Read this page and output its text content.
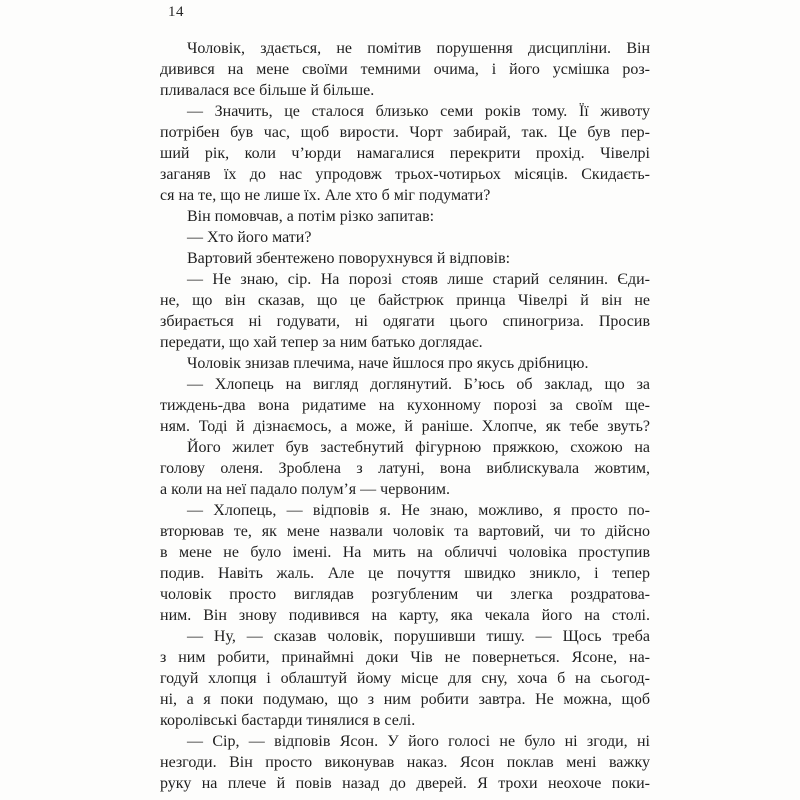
14
Чоловік, здається, не помітив порушення дисципліни. Він
дивився на мене своїми темними очима, і його усмішка роз-
пливалася все більше й більше.
— Значить, це сталося близько семи років тому. Її животу
потрібен був час, щоб вирости. Чорт забирай, так. Це був пер-
ший рік, коли ч’юрди намагалися перекрити прохід. Чівелрі
заганяв їх до нас упродовж трьох-чотирьох місяців. Скидаєть-
ся на те, що не лише їх. Але хто б міг подумати?
Він помовчав, а потім різко запитав:
— Хто його мати?
Вартовий збентежено поворухнувся й відповів:
— Не знаю, сір. На порозі стояв лише старий селянин. Єди-
не, що він сказав, що це байстрюк принца Чівелрі й він не
збирається ні годувати, ні одягати цього спиногриза. Просив
передати, що хай тепер за ним батько доглядає.
Чоловік знизав плечима, наче йшлося про якусь дрібницю.
— Хлопець на вигляд доглянутий. Б’юсь об заклад, що за
тиждень-два вона ридатиме на кухонному порозі за своїм ще-
ням. Тоді й дізнаємось, а може, й раніше. Хлопче, як тебе звуть?
Його жилет був застебнутий фігурною пряжкою, схожою на
голову оленя. Зроблена з латуні, вона виблискувала жовтим,
а коли на неї падало полум’я — червоним.
— Хлопець, — відповів я. Не знаю, можливо, я просто по-
вторював те, як мене назвали чоловік та вартовий, чи то дійсно
в мене не було імені. На мить на обличчі чоловіка проступив
подив. Навіть жаль. Але це почуття швидко зникло, і тепер
чоловік просто виглядав розгубленим чи злегка роздратова-
ним. Він знову подивився на карту, яка чекала його на столі.
— Ну, — сказав чоловік, порушивши тишу. — Щось треба
з ним робити, принаймні доки Чів не повернеться. Ясоне, на-
годуй хлопця і облаштуй йому місце для сну, хоча б на сьогод-
ні, а я поки подумаю, що з ним робити завтра. Не можна, щоб
королівські бастарди тинялися в селі.
— Сір, — відповів Ясон. У його голосі не було ні згоди, ні
незгоди. Він просто виконував наказ. Ясон поклав мені важку
руку на плече й повів назад до дверей. Я трохи неохоче поки-
